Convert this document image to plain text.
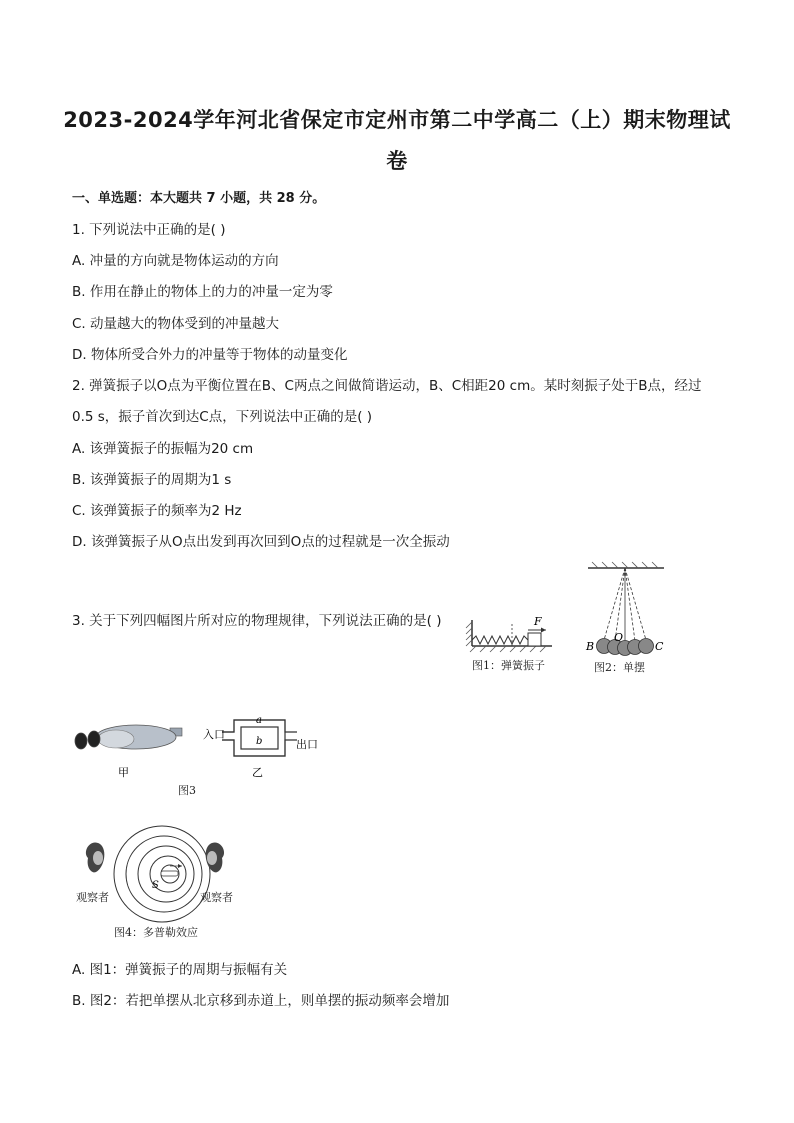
2023-2024学年河北省保定市定州市第二中学高二（上）期末物理试
卷
一、单选题：本大题共 7 小题，共 28 分。
1. 下列说法中正确的是( )
A. 冲量的方向就是物体运动的方向
B. 作用在静止的物体上的力的冲量一定为零
C. 动量越大的物体受到的冲量越大
D. 物体所受合外力的冲量等于物体的动量变化
2. 弹簧振子以O点为平衡位置在B、C两点之间做简谐运动，B、C相距20 cm。某时刻振子处于B点，经过
0.5 s，振子首次到达C点，下列说法中正确的是( )
A. 该弹簧振子的振幅为20 cm
B. 该弹簧振子的周期为1 s
C. 该弹簧振子的频率为2 Hz
D. 该弹簧振子从O点出发到再次回到O点的过程就是一次全振动
3. 关于下列四幅图片所对应的物理规律，下列说法正确的是( )	F
图1：弹簧振子
B
O
C
图2：单摆
甲
a
b
入口
出口
乙
图3
S
观察者	观察者
图4：多普勒效应
A. 图1：弹簧振子的周期与振幅有关
B. 图2：若把单摆从北京移到赤道上，则单摆的振动频率会增加
